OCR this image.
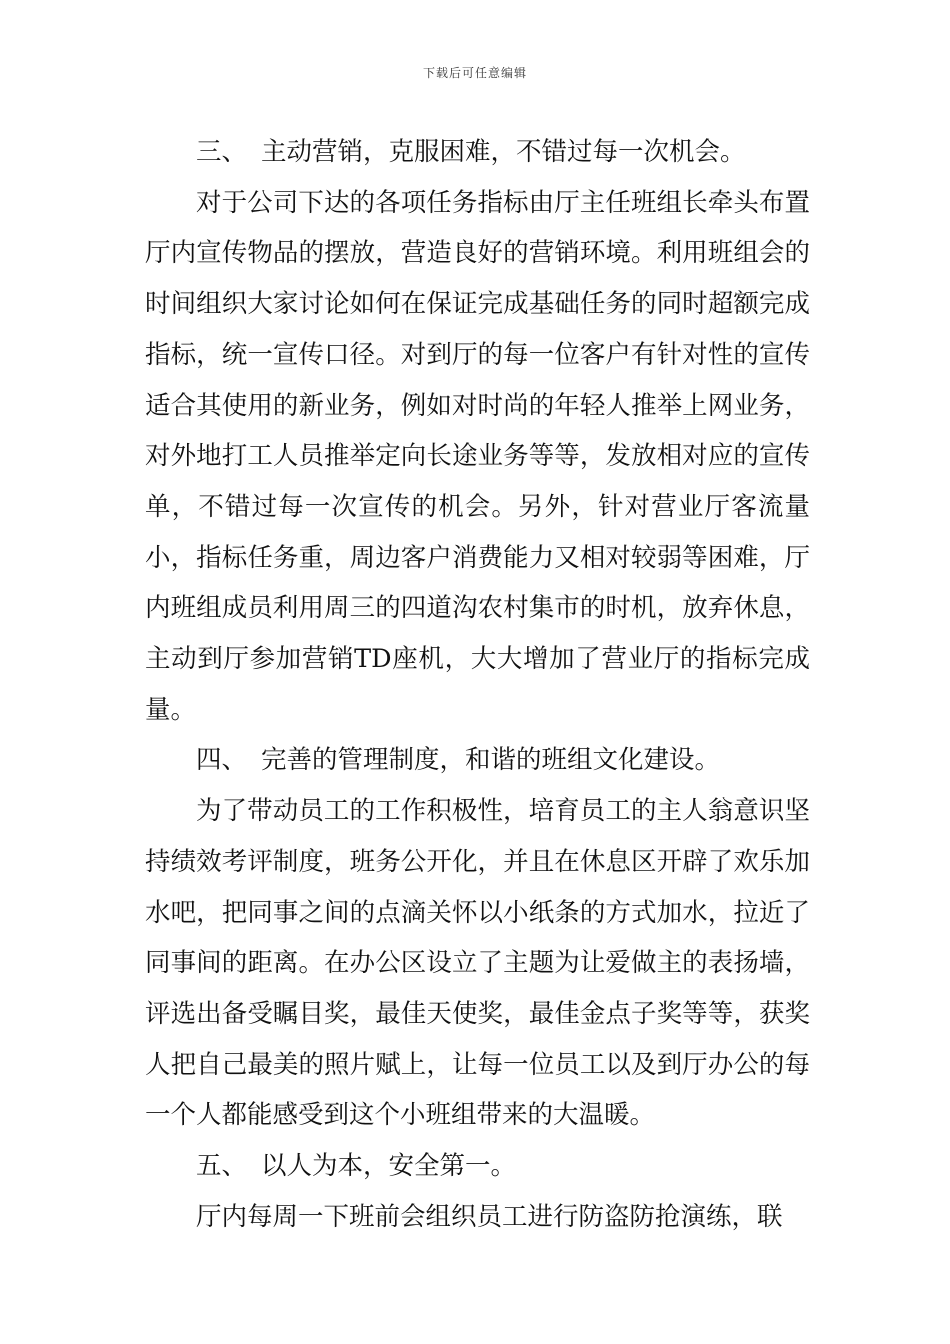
下载后可任意编辑

三、 主动营销，克服困难，不错过每一次机会。

对于公司下达的各项任务指标由厅主任班组长牵头布置厅内宣传物品的摆放，营造良好的营销环境。利用班组会的时间组织大家讨论如何在保证完成基础任务的同时超额完成指标，统一宣传口径。对到厅的每一位客户有针对性的宣传适合其使用的新业务，例如对时尚的年轻人推举上网业务，对外地打工人员推举定向长途业务等等，发放相对应的宣传单，不错过每一次宣传的机会。另外，针对营业厅客流量小，指标任务重，周边客户消费能力又相对较弱等困难，厅内班组成员利用周三的四道沟农村集市的时机，放弃休息，主动到厅参加营销TD座机，大大增加了营业厅的指标完成量。

四、 完善的管理制度，和谐的班组文化建设。

为了带动员工的工作积极性，培育员工的主人翁意识坚持绩效考评制度，班务公开化，并且在休息区开辟了欢乐加水吧，把同事之间的点滴关怀以小纸条的方式加水，拉近了同事间的距离。在办公区设立了主题为让爱做主的表扬墙，评选出备受瞩目奖，最佳天使奖，最佳金点子奖等等，获奖人把自己最美的照片赋上，让每一位员工以及到厅办公的每一个人都能感受到这个小班组带来的大温暖。

五、 以人为本，安全第一。

厅内每周一下班前会组织员工进行防盗防抢演练，联
